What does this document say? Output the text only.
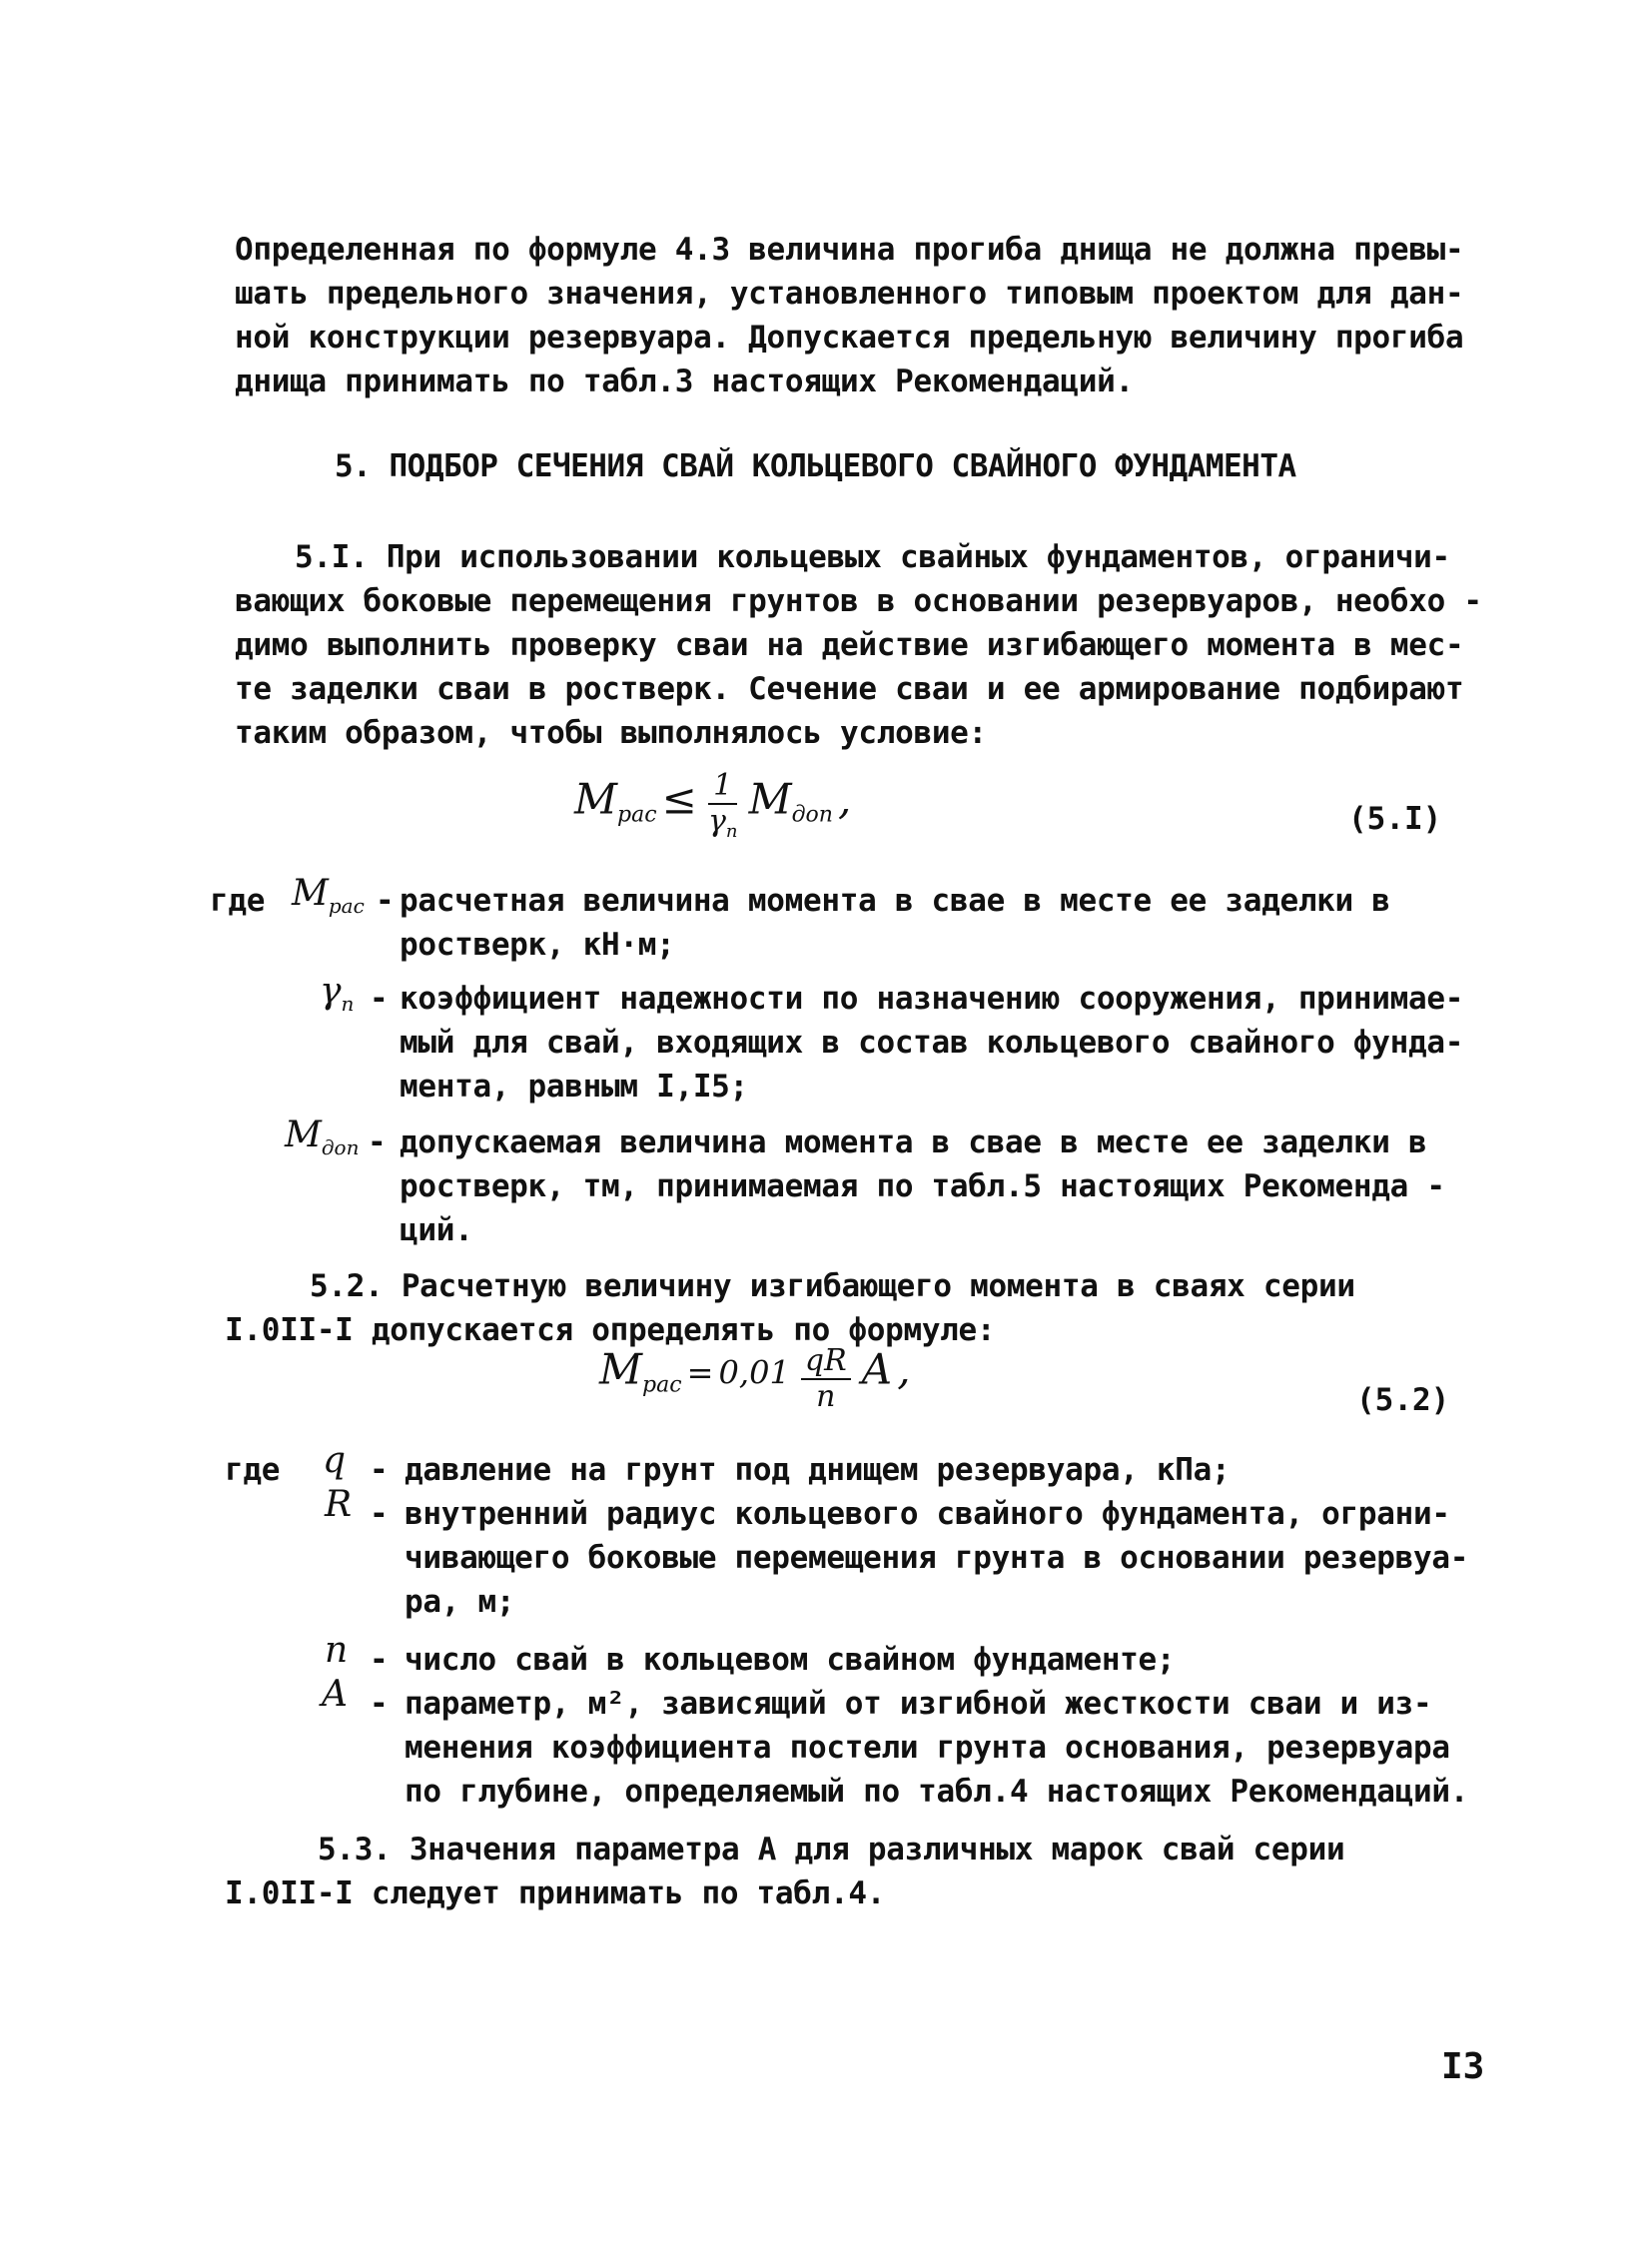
Определенная по формуле 4.3 величина прогиба днища не должна превы-
шать предельного значения, установленного типовым проектом для дан-
ной конструкции резервуара. Допускается предельную величину прогиба
днища принимать по табл.3 настоящих Рекомендаций.
5. ПОДБОР СЕЧЕНИЯ СВАЙ КОЛЬЦЕВОГО СВАЙНОГО ФУНДАМЕНТА
5.I. При использовании кольцевых свайных фундаментов, ограничи-
вающих боковые перемещения грунтов в основании резервуаров, необхо -
димо выполнить проверку сваи на действие изгибающего момента в мес-
те заделки сваи в ростверк. Сечение сваи и ее армирование подбирают
таким образом, чтобы выполнялось условие:
Mрас ≤ $\frac{1}{\gamma_n}$ Mдоп ,	(5.I)
где Mрас - расчетная величина момента в свае в месте ее заделки в
ростверк, кН·м;
γn - коэффициент надежности по назначению сооружения, принимае-
мый для свай, входящих в состав кольцевого свайного фунда-
мента, равным I,I5;
Mдоп - допускаемая величина момента в свае в месте ее заделки в
ростверк, тм, принимаемая по табл.5 настоящих Рекоменда -
ций.
5.2. Расчетную величину изгибающего момента в сваях серии
I.0II-I допускается определять по формуле:
Mрас = $0,01 \frac{qR}{n}$ A ,
(5.2)
где q - давление на грунт под днищем резервуара, кПа;
R - внутренний радиус кольцевого свайного фундамента, ограни-
чивающего боковые перемещения грунта в основании резервуа-
ра, м;
n - число свай в кольцевом свайном фундаменте;
A - параметр, м², зависящий от изгибной жесткости сваи и из-
менения коэффициента постели грунта основания, резервуара
по глубине, определяемый по табл.4 настоящих Рекомендаций.
5.3. Значения параметра А для различных марок свай серии
I.0II-I следует принимать по табл.4.
I3
